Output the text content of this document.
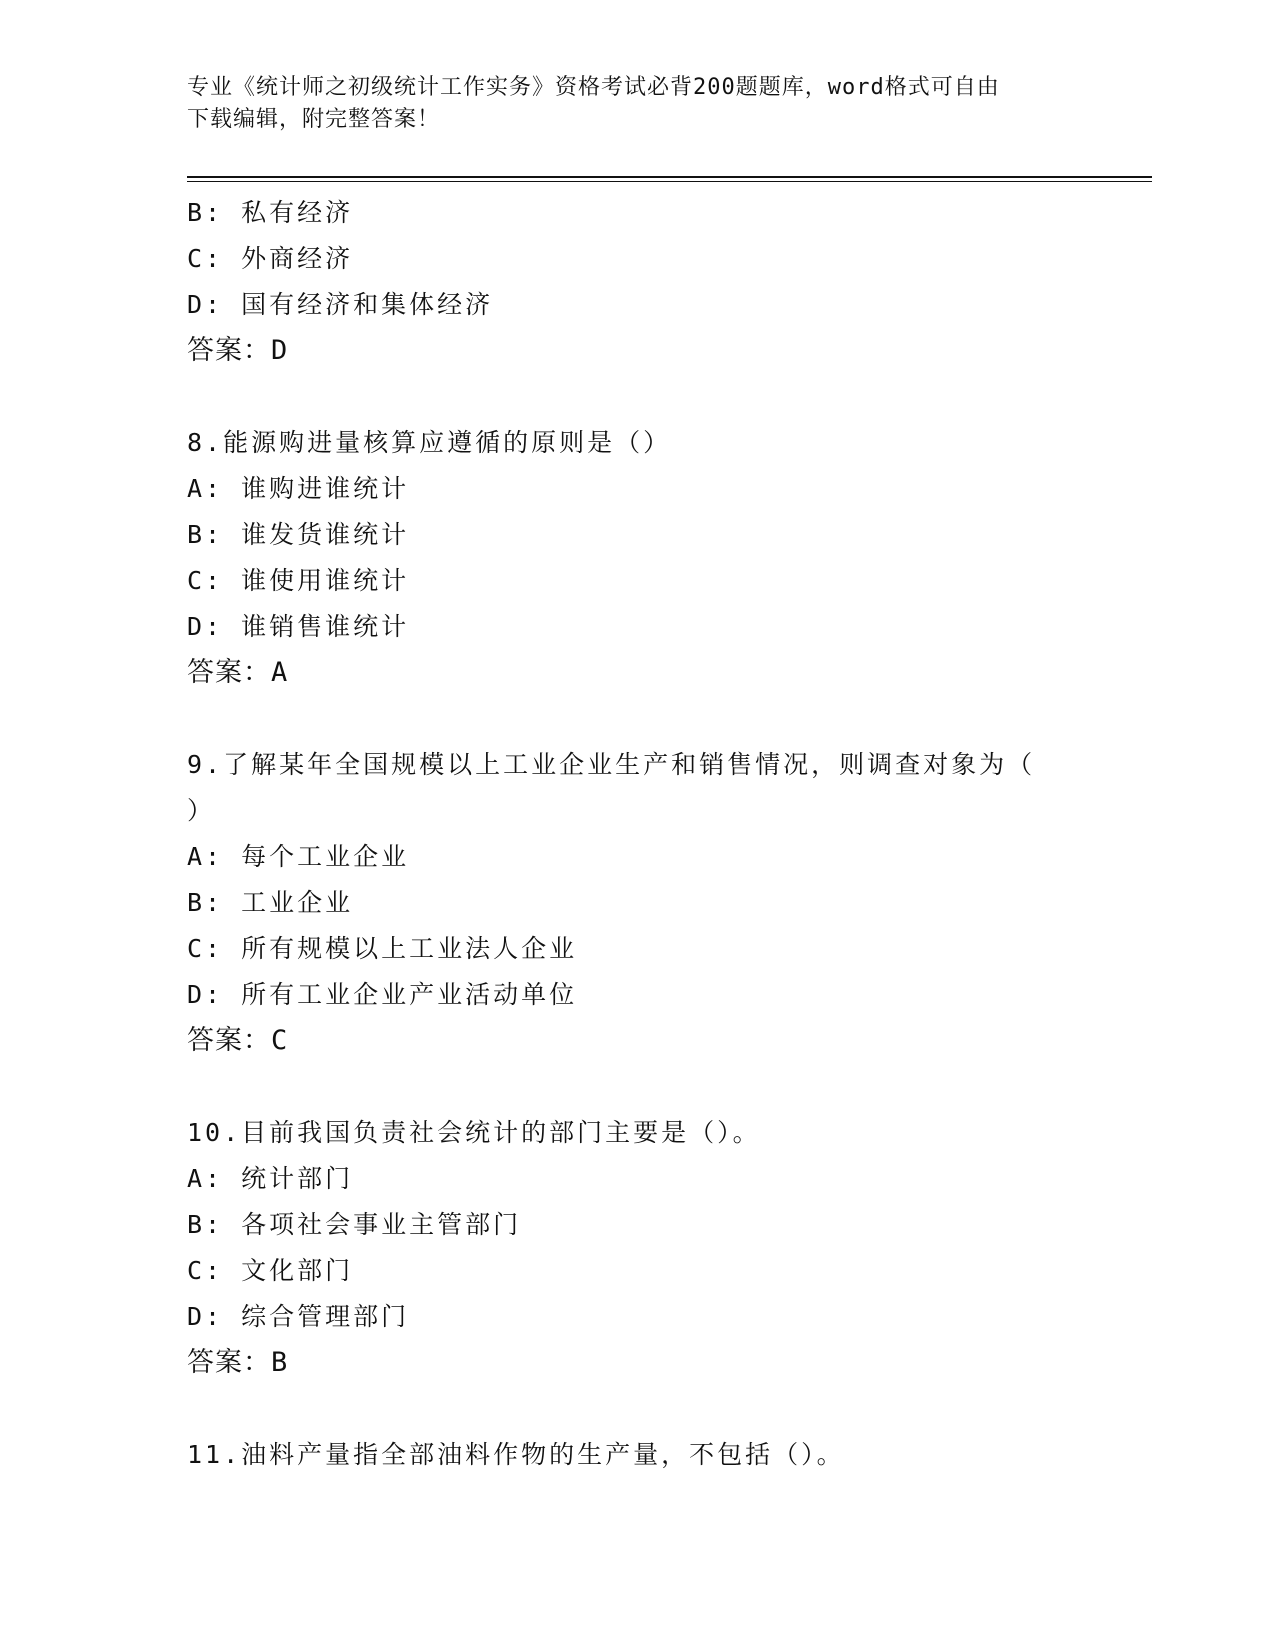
专业《统计师之初级统计工作实务》资格考试必背200题题库，word格式可自由
下载编辑，附完整答案！
B: 私有经济
C: 外商经济
D: 国有经济和集体经济
答案：D
8.能源购进量核算应遵循的原则是（）
A: 谁购进谁统计
B: 谁发货谁统计
C: 谁使用谁统计
D: 谁销售谁统计
答案：A
9.了解某年全国规模以上工业企业生产和销售情况，则调查对象为（
）
A: 每个工业企业
B: 工业企业
C: 所有规模以上工业法人企业
D: 所有工业企业产业活动单位
答案：C
10.目前我国负责社会统计的部门主要是（）。
A: 统计部门
B: 各项社会事业主管部门
C: 文化部门
D: 综合管理部门
答案：B
11.油料产量指全部油料作物的生产量，不包括（）。
